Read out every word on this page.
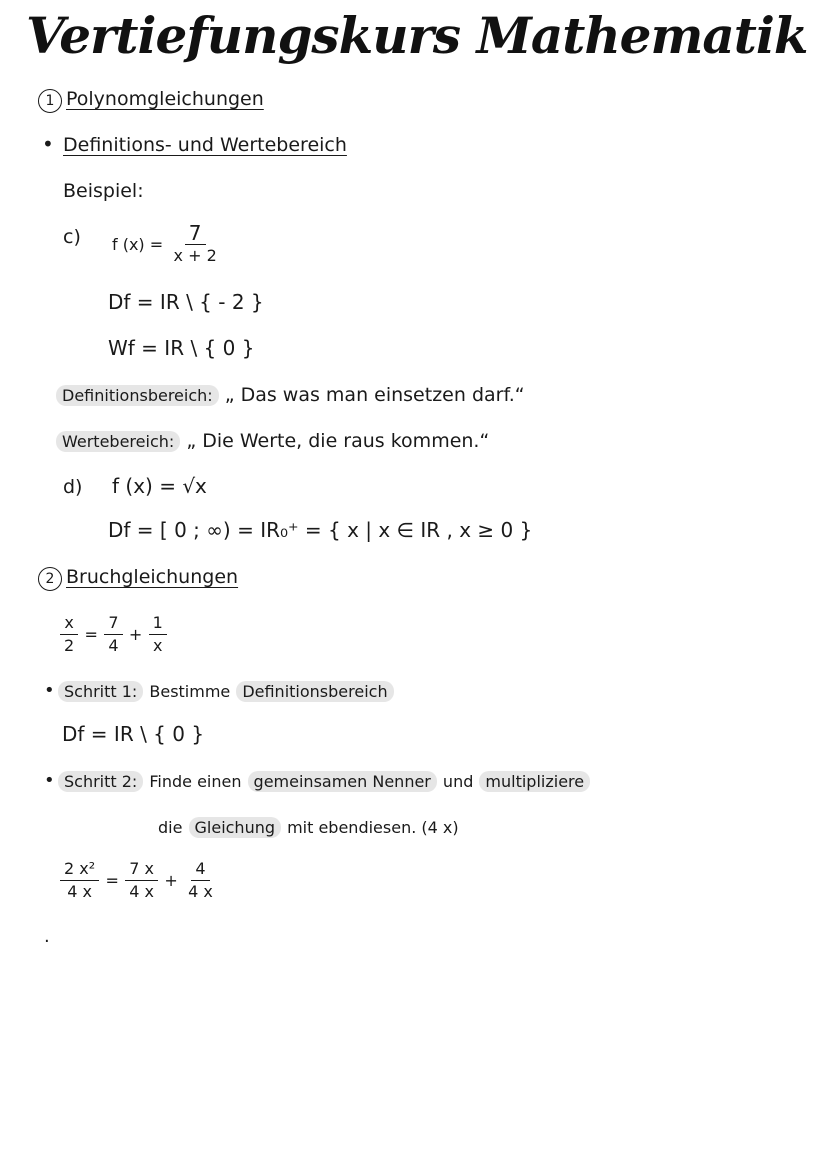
Vertiefungskurs Mathematik
1 Polynomgleichungen
• Definitions- und Wertebereich
Beispiel:
c) f $(x) = \frac{7}{x + 2}$
Df = IR \ { - 2 }
Wf = IR \ { 0 }
Definitionsbereich: „ Das was man einsetzen darf.“
Wertebereich: „ Die Werte, die raus kommen.“
d) f (x) = √x
Df = [ 0 ; ∞) = IR₀⁺ = { x | x ∈ IR , x ≥ 0 }
2 Bruchgleichungen
$\frac{x}{2} = \frac{7}{4} + \frac{1}{x}$
• Schritt 1: Bestimme Definitionsbereich
Df = IR \ { 0 }
• Schritt 2: Finde einen gemeinsamen Nenner und multipliziere
die Gleichung mit ebendiesen. (4 x)
$\frac{\text{2 x²}}{4 x} = \frac{7 x}{4 x} + \frac{4}{4 x}$
.
